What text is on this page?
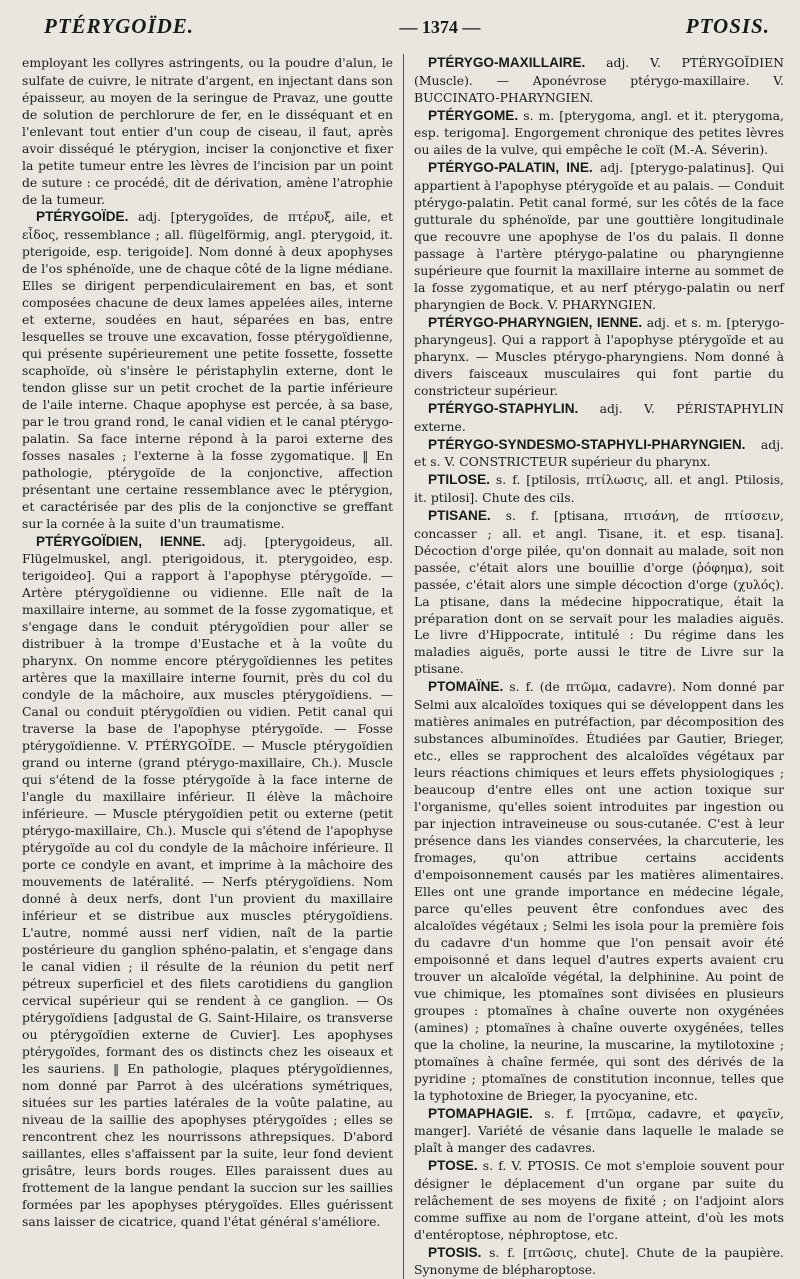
PTÉRYGOÏDE.	— 1374 —	PTOSIS.

employant les collyres astringents, ou la poudre d'alun, le sulfate de cuivre, le nitrate d'argent, en injectant dans son épaisseur, au moyen de la seringue de Pravaz, une goutte de solution de perchlorure de fer, en le disséquant et en l'enlevant tout entier d'un coup de ciseau, il faut, après avoir disséqué le ptérygion, inciser la conjonctive et fixer la petite tumeur entre les lèvres de l'incision par un point de suture : ce procédé, dit de dérivation, amène l'atrophie de la tumeur.

PTÉRYGOÏDE. adj. [pterygoïdes, de πτέρυξ, aile, et εἶδος, ressemblance ; all. flügelförmig, angl. pterygoid, it. pterigoide, esp. terigoide]. Nom donné à deux apophyses de l'os sphénoïde, une de chaque côté de la ligne médiane. Elles se dirigent perpendiculairement en bas, et sont composées chacune de deux lames appelées ailes, interne et externe, soudées en haut, séparées en bas, entre lesquelles se trouve une excavation, fosse ptérygoïdienne, qui présente supérieurement une petite fossette, fossette scaphoïde, où s'insère le péristaphylin externe, dont le tendon glisse sur un petit crochet de la partie inférieure de l'aile interne. Chaque apophyse est percée, à sa base, par le trou grand rond, le canal vidien et le canal ptérygo-palatin. Sa face interne répond à la paroi externe des fosses nasales ; l'externe à la fosse zygomatique. ‖ En pathologie, ptérygoïde de la conjonctive, affection présentant une certaine ressemblance avec le ptérygion, et caractérisée par des plis de la conjonctive se greffant sur la cornée à la suite d'un traumatisme.

PTÉRYGOÏDIEN, IENNE. adj. [pterygoideus, all. Flügelmuskel, angl. pterigoidous, it. pterygoideo, esp. terigoideo]. Qui a rapport à l'apophyse ptérygoïde. — Artère ptérygoïdienne ou vidienne. Elle naît de la maxillaire interne, au sommet de la fosse zygomatique, et s'engage dans le conduit ptérygoïdien pour aller se distribuer à la trompe d'Eustache et à la voûte du pharynx. On nomme encore ptérygoïdiennes les petites artères que la maxillaire interne fournit, près du col du condyle de la mâchoire, aux muscles ptérygoïdiens. — Canal ou conduit ptérygoïdien ou vidien. Petit canal qui traverse la base de l'apophyse ptérygoïde. — Fosse ptérygoïdienne. V. PTÉRYGOÏDE. — Muscle ptérygoïdien grand ou interne (grand ptérygo-maxillaire, Ch.). Muscle qui s'étend de la fosse ptérygoïde à la face interne de l'angle du maxillaire inférieur. Il élève la mâchoire inférieure. — Muscle ptérygoïdien petit ou externe (petit ptérygo-maxillaire, Ch.). Muscle qui s'étend de l'apophyse ptérygoïde au col du condyle de la mâchoire inférieure. Il porte ce condyle en avant, et imprime à la mâchoire des mouvements de latéralité. — Nerfs ptérygoïdiens. Nom donné à deux nerfs, dont l'un provient du maxillaire inférieur et se distribue aux muscles ptérygoïdiens. L'autre, nommé aussi nerf vidien, naît de la partie postérieure du ganglion sphéno-palatin, et s'engage dans le canal vidien ; il résulte de la réunion du petit nerf pétreux superficiel et des filets carotidiens du ganglion cervical supérieur qui se rendent à ce ganglion. — Os ptérygoïdiens [adgustal de G. Saint-Hilaire, os transverse ou ptérygoïdien externe de Cuvier]. Les apophyses ptérygoïdes, formant des os distincts chez les oiseaux et les sauriens. ‖ En pathologie, plaques ptérygoïdiennes, nom donné par Parrot à des ulcérations symétriques, situées sur les parties latérales de la voûte palatine, au niveau de la saillie des apophyses ptérygoïdes ; elles se rencontrent chez les nourrissons athrepsiques. D'abord saillantes, elles s'affaissent par la suite, leur fond devient grisâtre, leurs bords rouges. Elles paraissent dues au frottement de la langue pendant la succion sur les saillies formées par les apophyses ptérygoïdes. Elles guérissent sans laisser de cicatrice, quand l'état général s'améliore.

PTÉRYGO-MAXILLAIRE. adj. V. PTÉRYGOÏDIEN (Muscle). — Aponévrose ptérygo-maxillaire. V. BUCCINATO-PHARYNGIEN.

PTÉRYGOME. s. m. [pterygoma, angl. et it. pterygoma, esp. terigoma]. Engorgement chronique des petites lèvres ou ailes de la vulve, qui empêche le coït (M.-A. Séverin).

PTÉRYGO-PALATIN, INE. adj. [pterygo-palatinus]. Qui appartient à l'apophyse ptérygoïde et au palais. — Conduit ptérygo-palatin. Petit canal formé, sur les côtés de la face gutturale du sphénoïde, par une gouttière longitudinale que recouvre une apophyse de l'os du palais. Il donne passage à l'artère ptérygo-palatine ou pharyngienne supérieure que fournit la maxillaire interne au sommet de la fosse zygomatique, et au nerf ptérygo-palatin ou nerf pharyngien de Bock. V. PHARYNGIEN.

PTÉRYGO-PHARYNGIEN, IENNE. adj. et s. m. [pterygo-pharyngeus]. Qui a rapport à l'apophyse ptérygoïde et au pharynx. — Muscles ptérygo-pharyngiens. Nom donné à divers faisceaux musculaires qui font partie du constricteur supérieur.

PTÉRYGO-STAPHYLIN. adj. V. PÉRISTAPHYLIN externe.

PTÉRYGO-SYNDESMO-STAPHYLI-PHARYNGIEN. adj. et s. V. CONSTRICTEUR supérieur du pharynx.

PTILOSE. s. f. [ptilosis, πτίλωσις, all. et angl. Ptilosis, it. ptilosi]. Chute des cils.

PTISANE. s. f. [ptisana, πτισάνη, de πτίσσειν, concasser ; all. et angl. Tisane, it. et esp. tisana]. Décoction d'orge pilée, qu'on donnait au malade, soit non passée, c'était alors une bouillie d'orge (ῥόφημα), soit passée, c'était alors une simple décoction d'orge (χυλός). La ptisane, dans la médecine hippocratique, était la préparation dont on se servait pour les maladies aiguës. Le livre d'Hippocrate, intitulé : Du régime dans les maladies aiguës, porte aussi le titre de Livre sur la ptisane.

PTOMAÏNE. s. f. (de πτῶμα, cadavre). Nom donné par Selmi aux alcaloïdes toxiques qui se développent dans les matières animales en putréfaction, par décomposition des substances albuminoïdes. Étudiées par Gautier, Brieger, etc., elles se rapprochent des alcaloïdes végétaux par leurs réactions chimiques et leurs effets physiologiques ; beaucoup d'entre elles ont une action toxique sur l'organisme, qu'elles soient introduites par ingestion ou par injection intraveineuse ou sous-cutanée. C'est à leur présence dans les viandes conservées, la charcuterie, les fromages, qu'on attribue certains accidents d'empoisonnement causés par les matières alimentaires. Elles ont une grande importance en médecine légale, parce qu'elles peuvent être confondues avec des alcaloïdes végétaux ; Selmi les isola pour la première fois du cadavre d'un homme que l'on pensait avoir été empoisonné et dans lequel d'autres experts avaient cru trouver un alcaloïde végétal, la delphinine. Au point de vue chimique, les ptomaïnes sont divisées en plusieurs groupes : ptomaïnes à chaîne ouverte non oxygénées (amines) ; ptomaïnes à chaîne ouverte oxygénées, telles que la choline, la neurine, la muscarine, la mytilotoxine ; ptomaïnes à chaîne fermée, qui sont des dérivés de la pyridine ; ptomaïnes de constitution inconnue, telles que la typhotoxine de Brieger, la pyocyanine, etc.

PTOMAPHAGIE. s. f. [πτῶμα, cadavre, et φαγεῖν, manger]. Variété de vésanie dans laquelle le malade se plaît à manger des cadavres.

PTOSE. s. f. V. PTOSIS. Ce mot s'emploie souvent pour désigner le déplacement d'un organe par suite du relâchement de ses moyens de fixité ; on l'adjoint alors comme suffixe au nom de l'organe atteint, d'où les mots d'entéroptose, néphroptose, etc.

PTOSIS. s. f. [πτῶσις, chute]. Chute de la paupière. Synonyme de blépharoptose.
